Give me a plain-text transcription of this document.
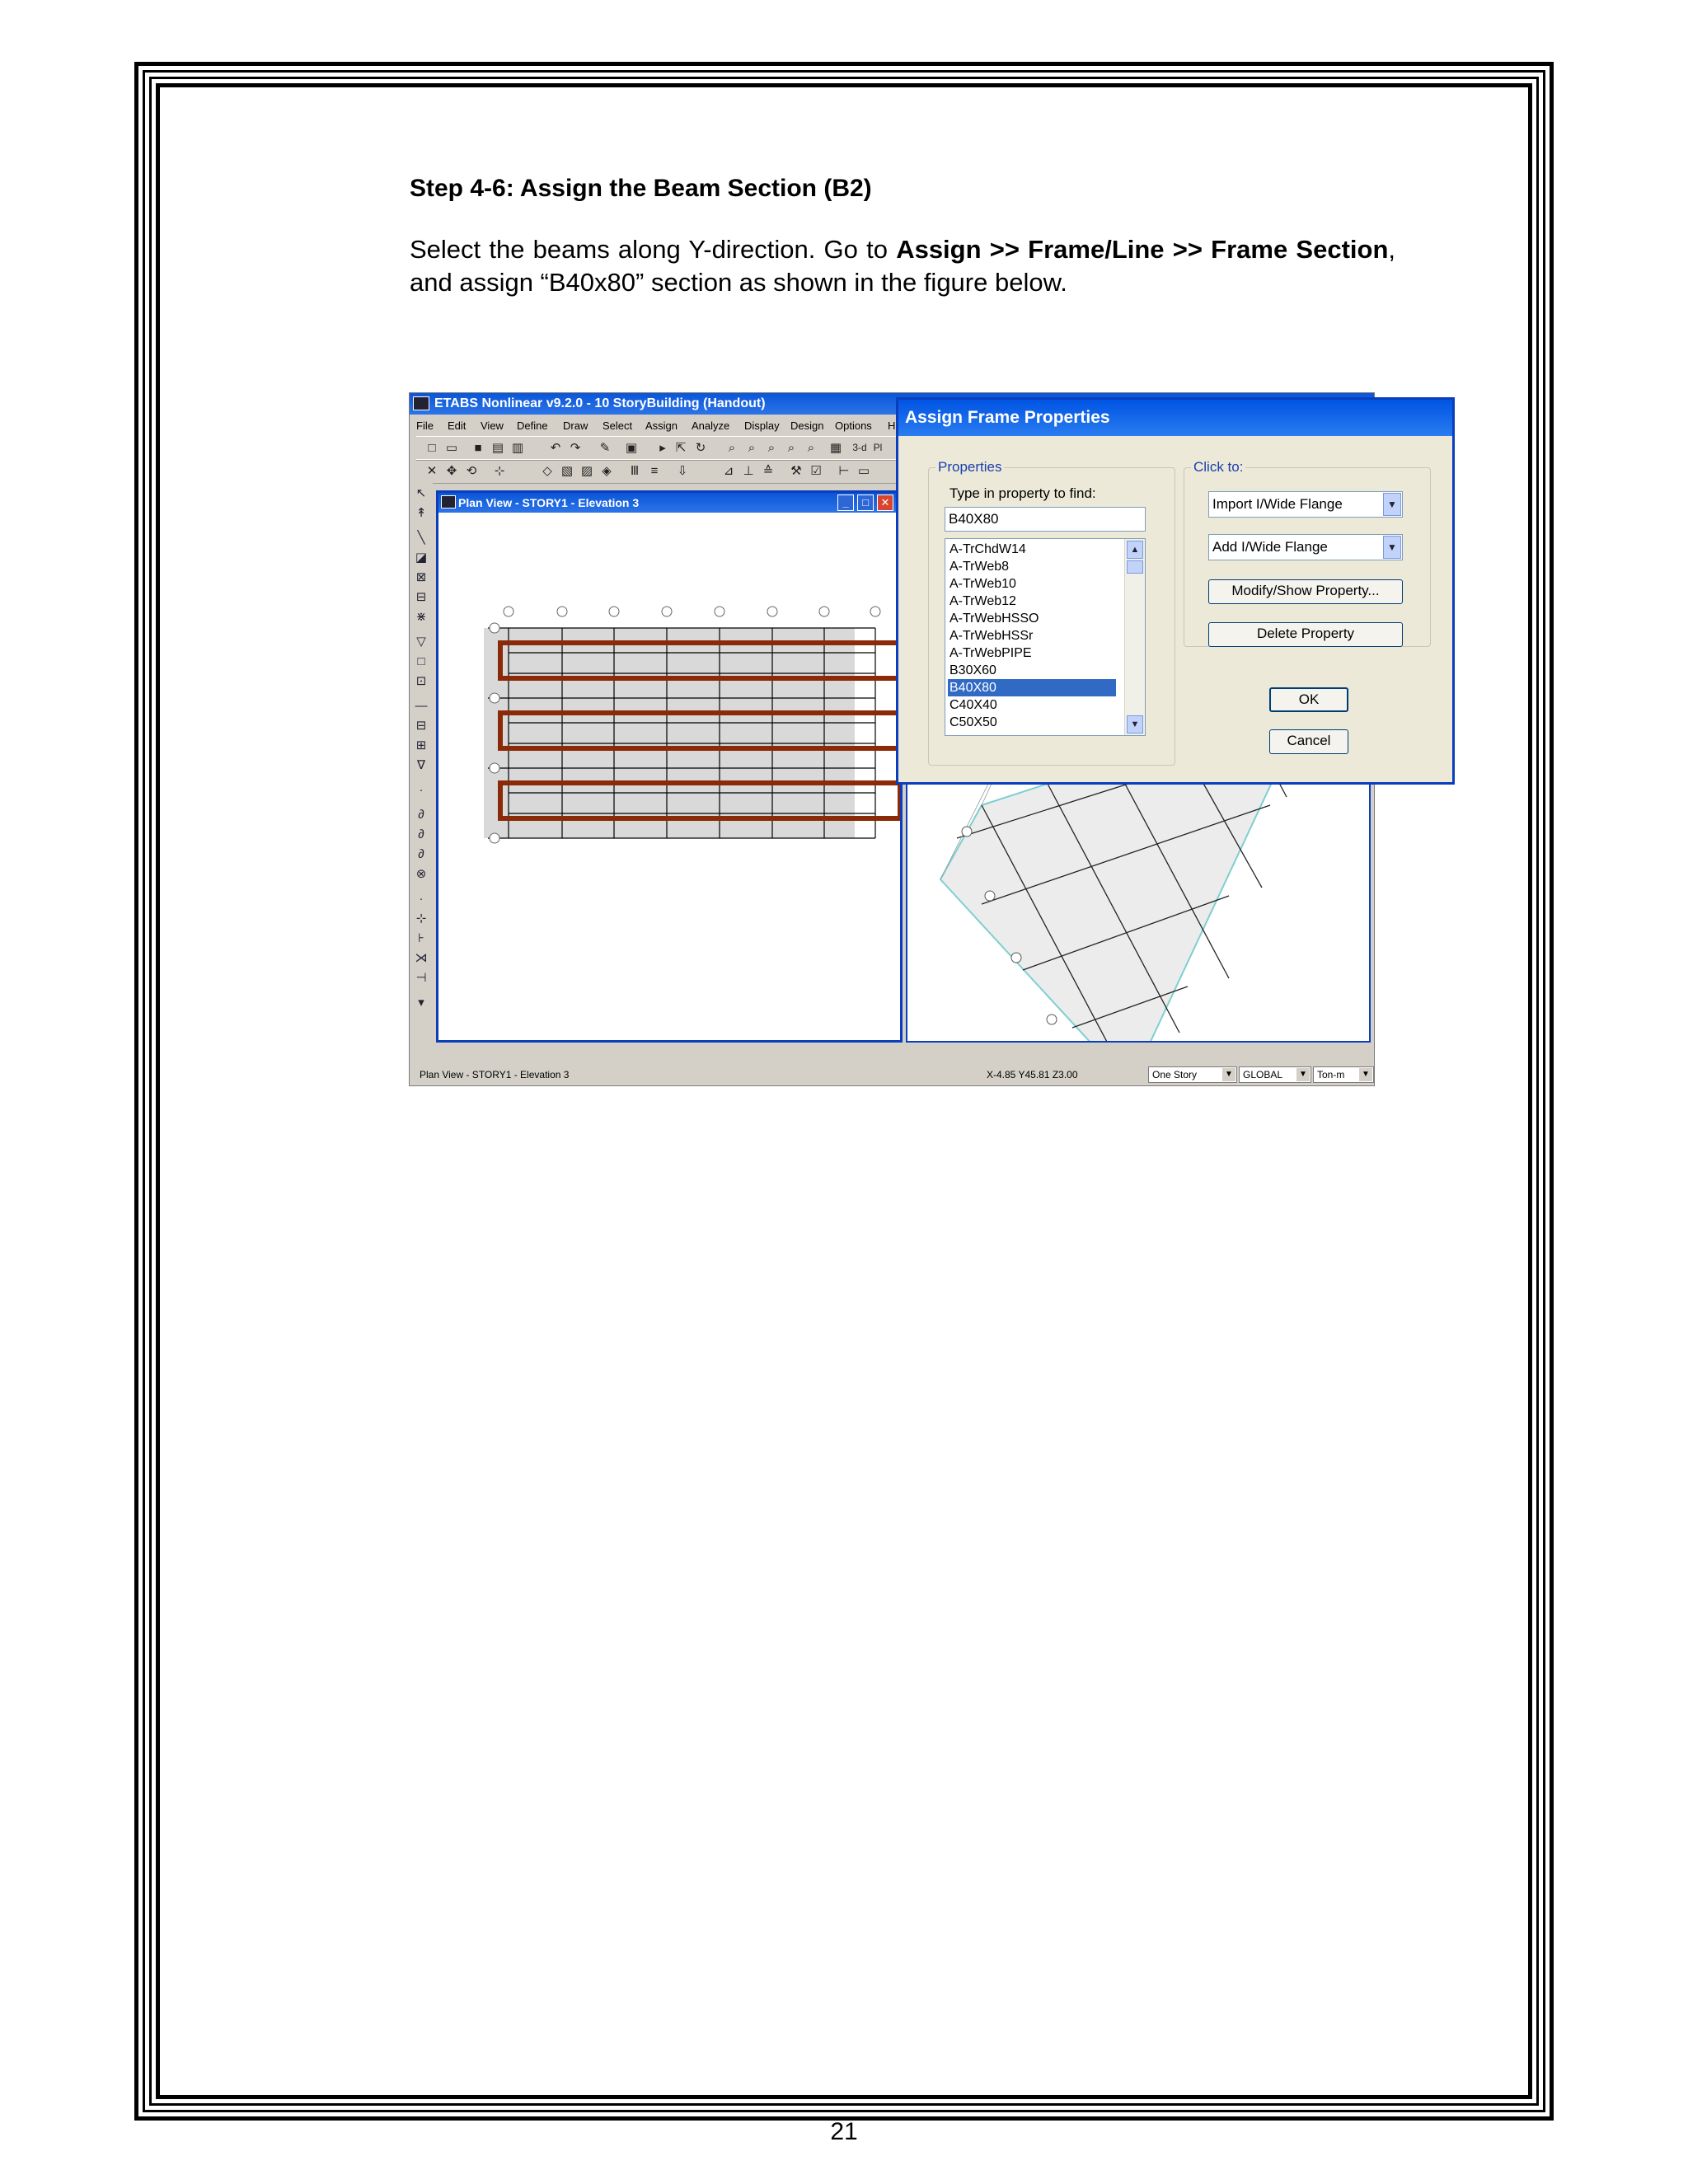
Step 4-6: Assign the Beam Section (B2)
Select the beams along Y-direction. Go to Assign >> Frame/Line >> Frame Section, and assign “B40x80” section as shown in the figure below.
ETABS Nonlinear v9.2.0 - 10 StoryBuilding (Handout)
File Edit View Define Draw Select Assign Analyze Display Design Options H
□ ▭ ■ ▤ ▥ ↶ ↷ ✎ ▣	▸ ⇱ ↻	⌕	⌕	⌕	⌕	⌕	▦	3-d Pl
✕ ✥ ⟲ ⊹	◇ ▧ ▨ ◈ Ⅲ ≡	⇩	⊿ ⊥ ≙ ⚒ ☑ ⊢ ▭
↖
↟
╲
◪
⊠
⊟
⋇
▽
□
⊡
—
⊟
⊞
∇
·
∂
∂
∂
⊗
·
⊹
⊦
⋊
⊣
▾
Plan View - STORY1 - Elevation 3	_	□	✕
Plan View - STORY1 - Elevation 3	X-4.85 Y45.81 Z3.00	One Story	▼	GLOBAL	▼	Ton-m	▼
Assign Frame Properties
Properties
Type in property to find:
B40X80
A-TrChdW14
A-TrWeb8
A-TrWeb10
A-TrWeb12
A-TrWebHSSO
A-TrWebHSSr
A-TrWebPIPE
B30X60
B40X80
C40X40
C50X50
▲
▼
Click to:
Import I/Wide Flange	▼
Add I/Wide Flange	▼
Modify/Show Property...
Delete Property
OK
Cancel
21
